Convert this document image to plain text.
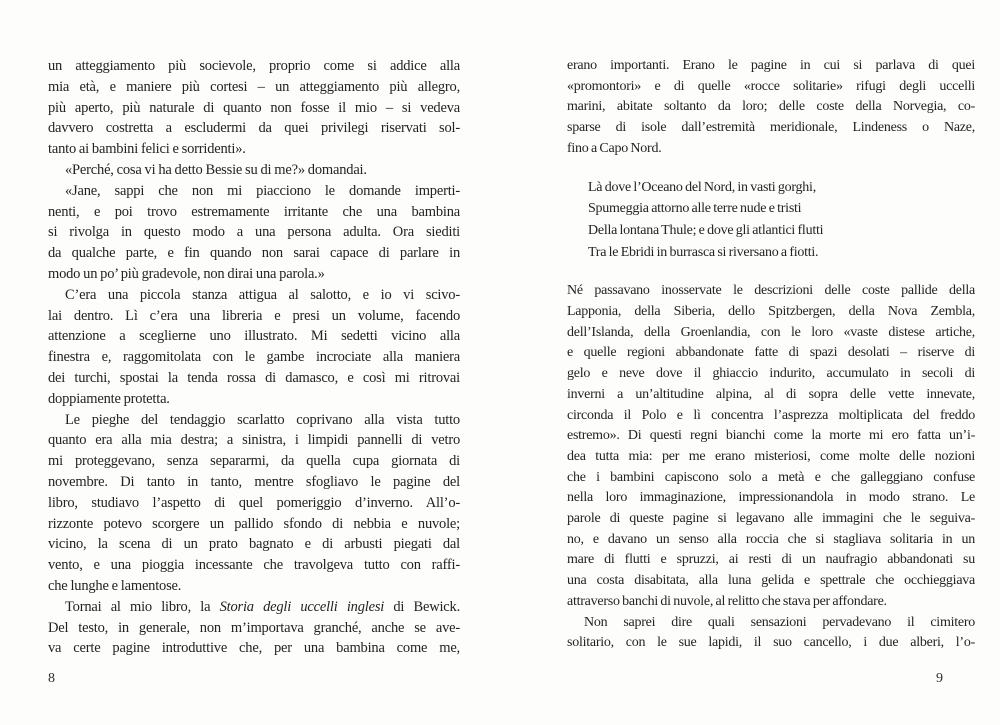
un atteggiamento più socievole, proprio come si addice alla
mia età, e maniere più cortesi – un atteggiamento più allegro,
più aperto, più naturale di quanto non fosse il mio – si vedeva
davvero costretta a escludermi da quei privilegi riservati sol-
tanto ai bambini felici e sorridenti».
«Perché, cosa vi ha detto Bessie su di me?» domandai.
«Jane, sappi che non mi piacciono le domande imperti-
nenti, e poi trovo estremamente irritante che una bambina
si rivolga in questo modo a una persona adulta. Ora siediti
da qualche parte, e fin quando non sarai capace di parlare in
modo un po’ più gradevole, non dirai una parola.»
C’era una piccola stanza attigua al salotto, e io vi scivo-
lai dentro. Lì c’era una libreria e presi un volume, facendo
attenzione a sceglierne uno illustrato. Mi sedetti vicino alla
finestra e, raggomitolata con le gambe incrociate alla maniera
dei turchi, spostai la tenda rossa di damasco, e così mi ritrovai
doppiamente protetta.
Le pieghe del tendaggio scarlatto coprivano alla vista tutto
quanto era alla mia destra; a sinistra, i limpidi pannelli di vetro
mi proteggevano, senza separarmi, da quella cupa giornata di
novembre. Di tanto in tanto, mentre sfogliavo le pagine del
libro, studiavo l’aspetto di quel pomeriggio d’inverno. All’o-
rizzonte potevo scorgere un pallido sfondo di nebbia e nuvole;
vicino, la scena di un prato bagnato e di arbusti piegati dal
vento, e una pioggia incessante che travolgeva tutto con raffi-
che lunghe e lamentose.
Tornai al mio libro, la Storia degli uccelli inglesi di Bewick.
Del testo, in generale, non m’importava granché, anche se ave-
va certe pagine introduttive che, per una bambina come me,
8
erano importanti. Erano le pagine in cui si parlava di quei
«promontori» e di quelle «rocce solitarie» rifugi degli uccelli
marini, abitate soltanto da loro; delle coste della Norvegia, co-
sparse di isole dall’estremità meridionale, Lindeness o Naze,
fino a Capo Nord.
Là dove l’Oceano del Nord, in vasti gorghi,
Spumeggia attorno alle terre nude e tristi
Della lontana Thule; e dove gli atlantici flutti
Tra le Ebridi in burrasca si riversano a fiotti.
Né passavano inosservate le descrizioni delle coste pallide della
Lapponia, della Siberia, dello Spitzbergen, della Nova Zembla,
dell’Islanda, della Groenlandia, con le loro «vaste distese artiche,
e quelle regioni abbandonate fatte di spazi desolati – riserve di
gelo e neve dove il ghiaccio indurito, accumulato in secoli di
inverni a un’altitudine alpina, al di sopra delle vette innevate,
circonda il Polo e lì concentra l’asprezza moltiplicata del freddo
estremo». Di questi regni bianchi come la morte mi ero fatta un’i-
dea tutta mia: per me erano misteriosi, come molte delle nozioni
che i bambini capiscono solo a metà e che galleggiano confuse
nella loro immaginazione, impressionandola in modo strano. Le
parole di queste pagine si legavano alle immagini che le seguiva-
no, e davano un senso alla roccia che si stagliava solitaria in un
mare di flutti e spruzzi, ai resti di un naufragio abbandonati su
una costa disabitata, alla luna gelida e spettrale che occhieggiava
attraverso banchi di nuvole, al relitto che stava per affondare.
Non saprei dire quali sensazioni pervadevano il cimitero
solitario, con le sue lapidi, il suo cancello, i due alberi, l’o-
9
